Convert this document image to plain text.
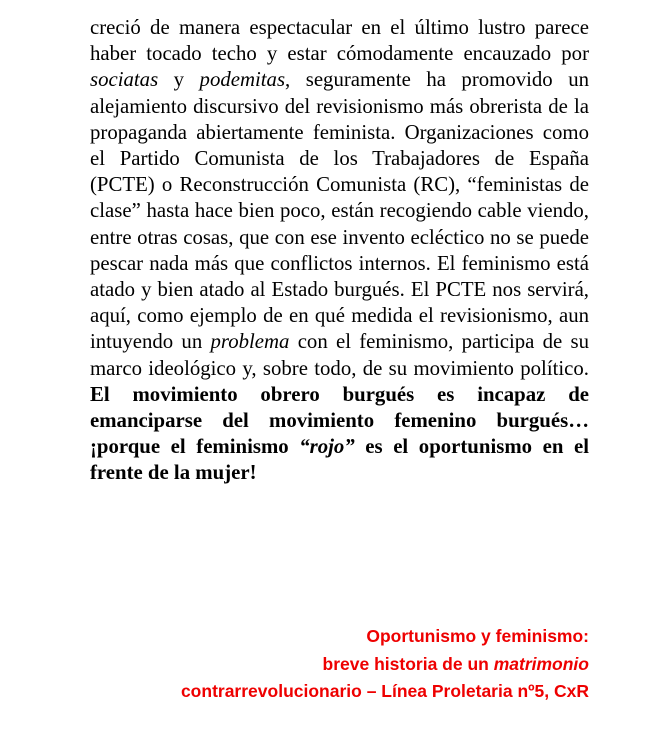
creció de manera espectacular en el último lustro parece haber tocado techo y estar cómodamente encauzado por sociatas y podemitas, seguramente ha promovido un alejamiento discursivo del revisionismo más obrerista de la propaganda abiertamente feminista. Organizaciones como el Partido Comunista de los Trabajadores de España (PCTE) o Reconstrucción Comunista (RC), “feministas de clase” hasta hace bien poco, están recogiendo cable viendo, entre otras cosas, que con ese invento ecléctico no se puede pescar nada más que conflictos internos. El feminismo está atado y bien atado al Estado burgués. El PCTE nos servirá, aquí, como ejemplo de en qué medida el revisionismo, aun intuyendo un problema con el feminismo, participa de su marco ideológico y, sobre todo, de su movimiento político. El movimiento obrero burgués es incapaz de emanciparse del movimiento femenino burgués… ¡porque el feminismo “rojo” es el oportunismo en el frente de la mujer!

Oportunismo y feminismo:
breve historia de un matrimonio
contrarrevolucionario – Línea Proletaria nº5, CxR
